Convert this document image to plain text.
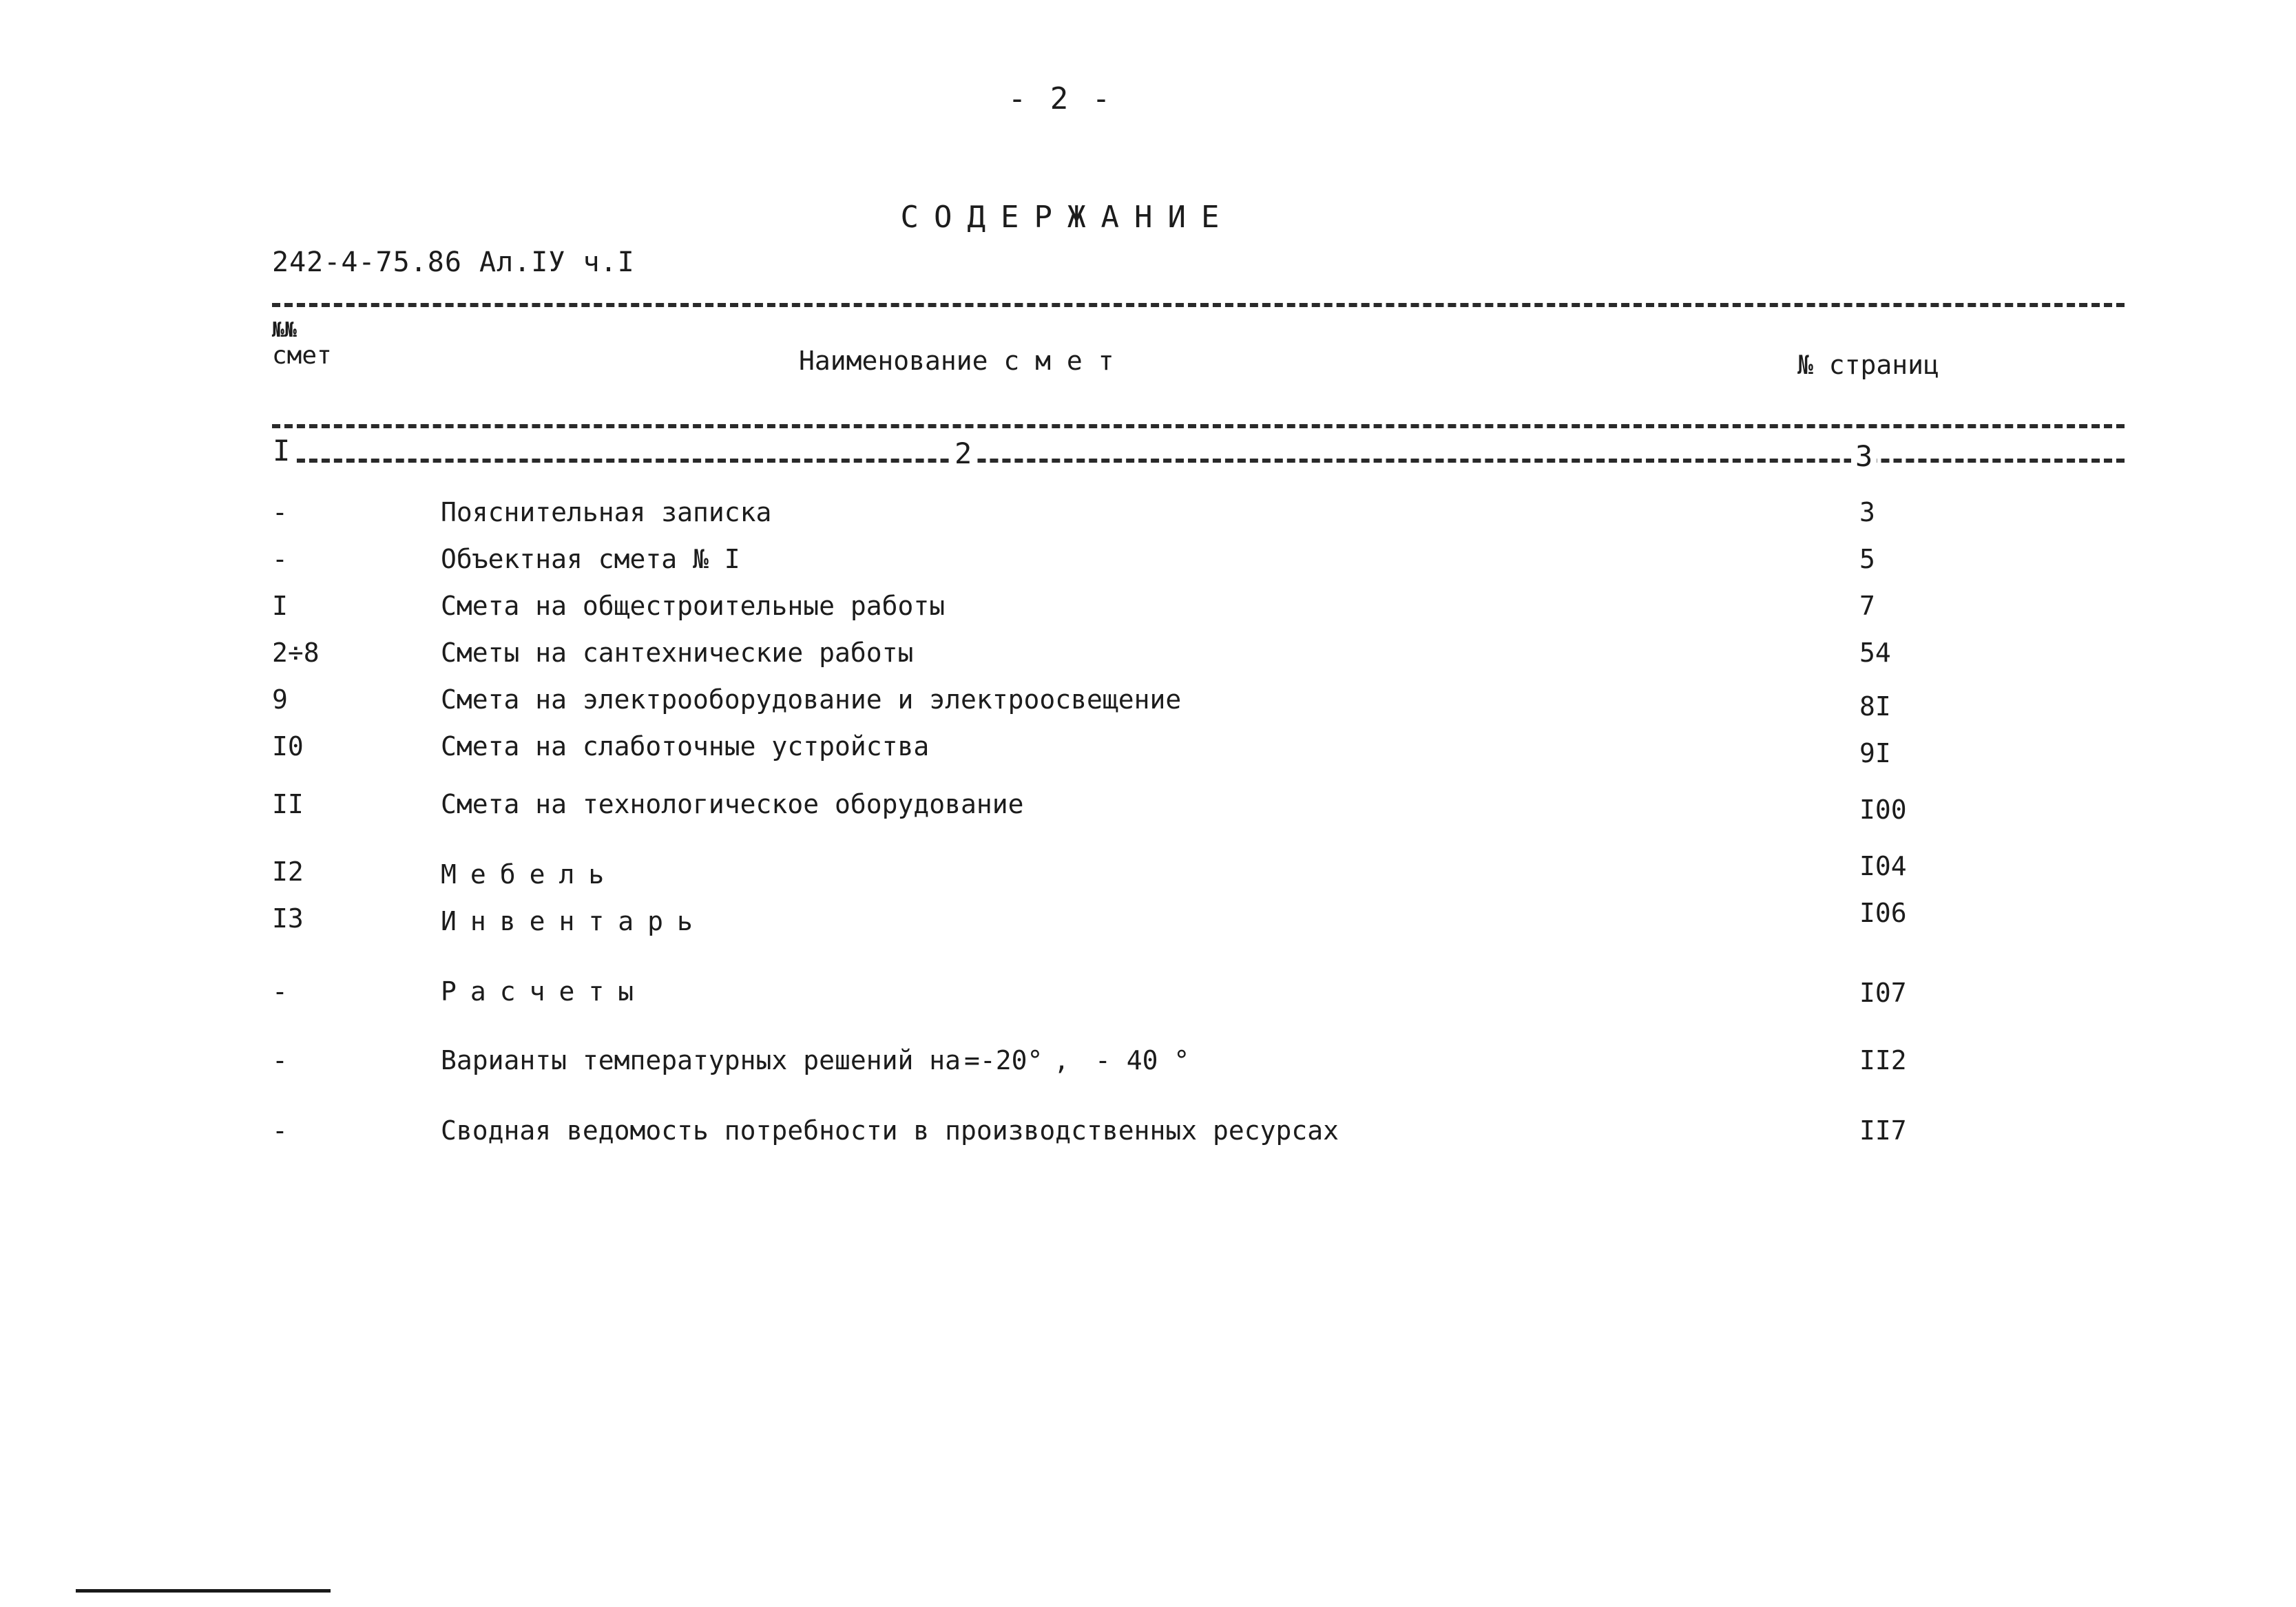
- 2 -
СОДЕРЖАНИЕ
242-4-75.86 Ал.IУ ч.I
№№
смет	Наименование с м е т	№ страниц
I	2	3
-	Пояснительная записка	3
-	Объектная смета № I	5
I	Смета на общестроительные работы	7
2÷8	Сметы на сантехнические работы	54
9	Смета на электрооборудование и электроосвещение	8I
I0	Смета на слаботочные устройства	9I
II	Смета на технологическое оборудование	I00
I2	Мебель	I04
I3	Инвентарь	I06
-	Расчеты	I07
-	Варианты температурных решений на =-20° , - 40 °	II2
-	Сводная ведомость потребности в производственных ресурсах	II7
